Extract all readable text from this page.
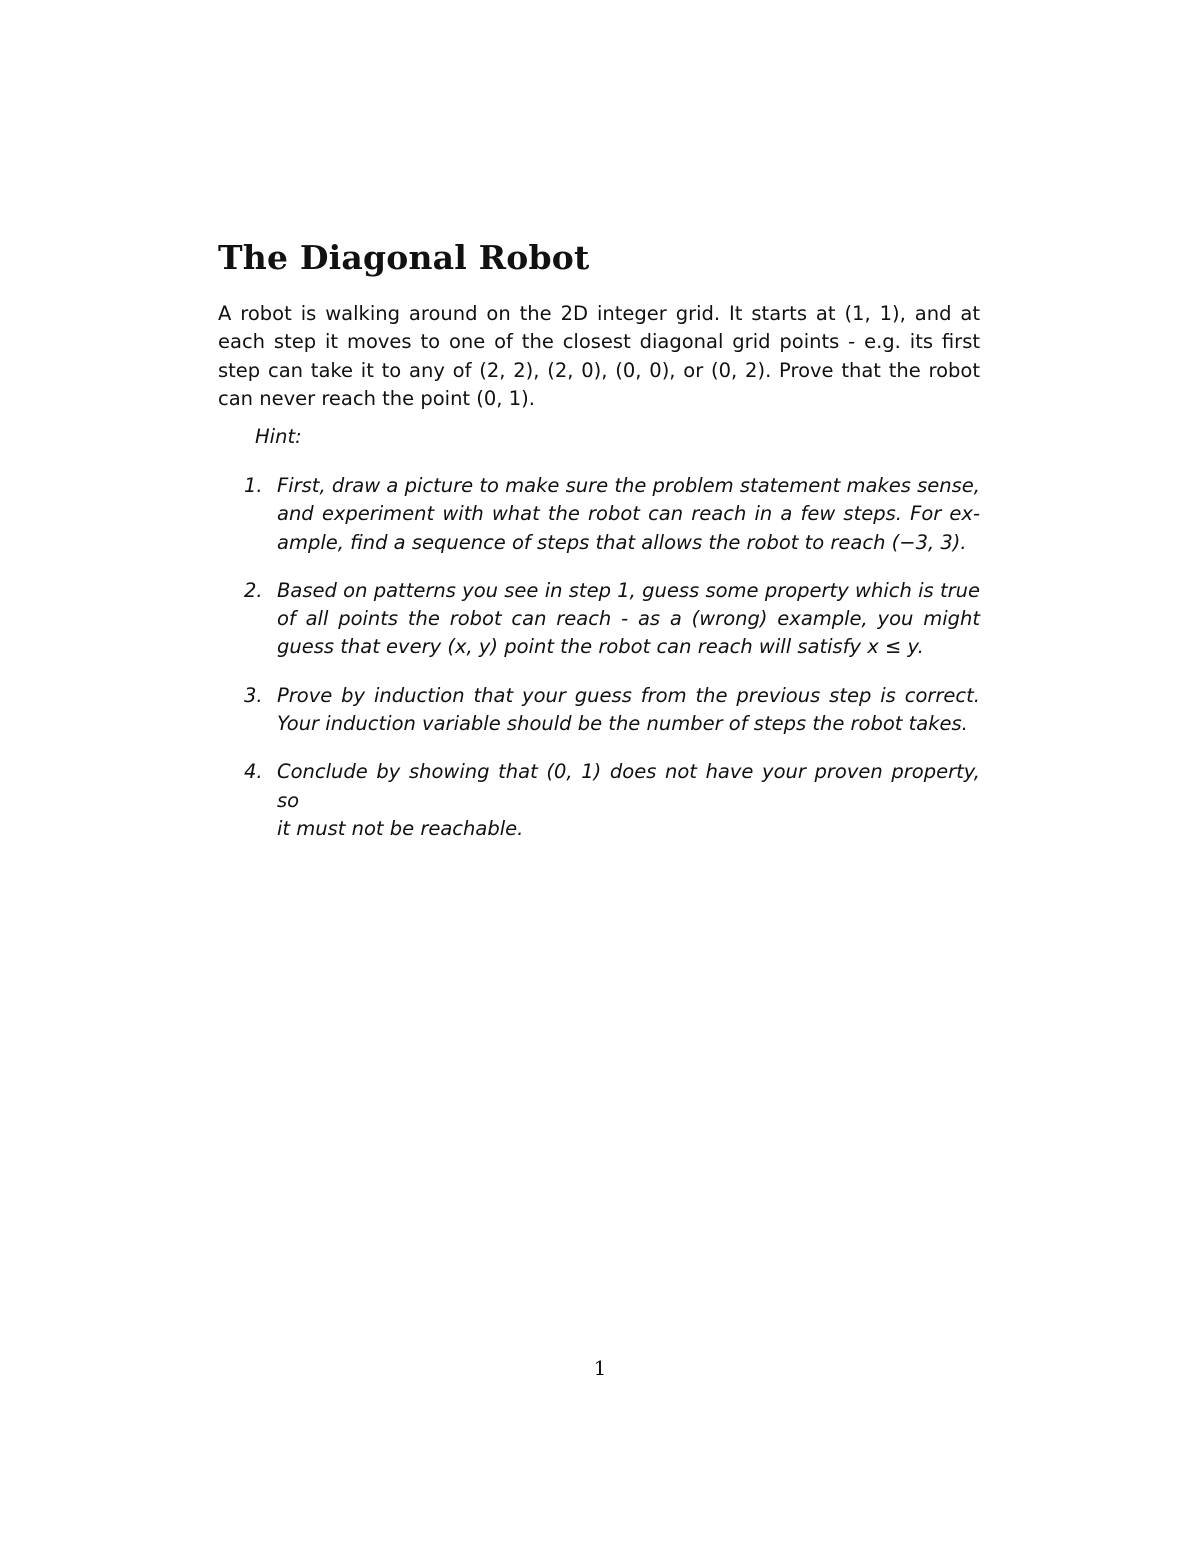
The Diagonal Robot
A robot is walking around on the 2D integer grid. It starts at (1, 1), and at
each step it moves to one of the closest diagonal grid points - e.g. its first
step can take it to any of (2, 2), (2, 0), (0, 0), or (0, 2). Prove that the robot
can never reach the point (0, 1).

Hint:

1. First, draw a picture to make sure the problem statement makes sense,
and experiment with what the robot can reach in a few steps. For ex-
ample, find a sequence of steps that allows the robot to reach (−3, 3).
2. Based on patterns you see in step 1, guess some property which is true
of all points the robot can reach - as a (wrong) example, you might
guess that every (x, y) point the robot can reach will satisfy x ≤ y.
3. Prove by induction that your guess from the previous step is correct.
Your induction variable should be the number of steps the robot takes.
4. Conclude by showing that (0, 1) does not have your proven property, so
it must not be reachable.
1
